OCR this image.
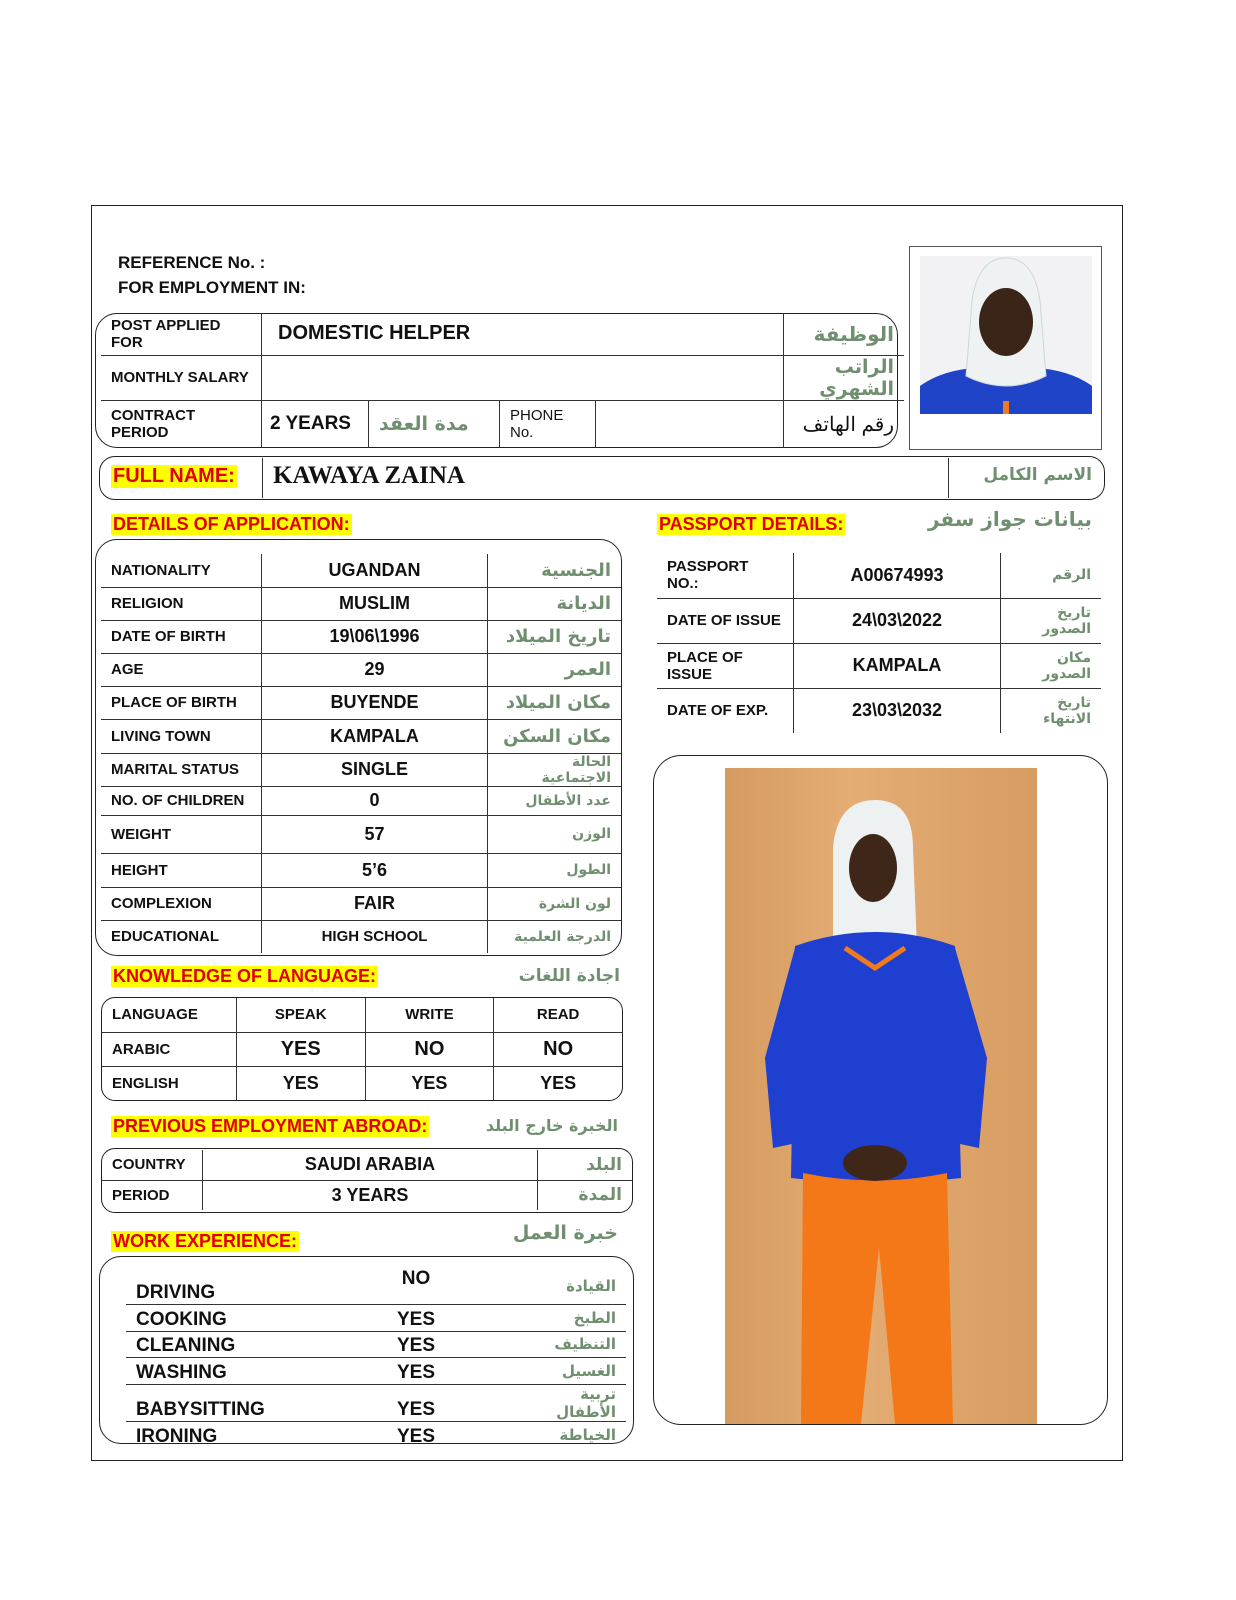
REFERENCE No. :
FOR EMPLOYMENT IN:
POST APPLIED FOR	DOMESTIC HELPER				الوظيفة
MONTHLY SALARY					الراتب الشهري
CONTRACT PERIOD	2 YEARS	مدة العقد	PHONE No.		رقم الهاتف
FULL NAME: KAWAYA ZAINA	الاسم الكامل
DETAILS OF APPLICATION:
NATIONALITY	UGANDAN	الجنسية
RELIGION	MUSLIM	الديانة
DATE OF BIRTH	19\06\1996	تاريخ الميلاد
AGE	29	العمر
PLACE OF BIRTH	BUYENDE	مكان الميلاد
LIVING TOWN	KAMPALA	مكان السكن
MARITAL STATUS	SINGLE	الحالة الاجتماعية
NO. OF CHILDREN	0	عدد الأطفال
WEIGHT	57	الوزن
HEIGHT	5’6	الطول
COMPLEXION	FAIR	لون الشرة
EDUCATIONAL	HIGH SCHOOL	الدرجة العلمية
PASSPORT DETAILS:	بيانات جواز سفر
PASSPORT NO.:	A00674993	الرقم
DATE OF ISSUE	24\03\2022	تاريخ الصدور
PLACE OF ISSUE	KAMPALA	مكان الصدور
DATE OF EXP.	23\03\2032	تاريخ الانتهاء
KNOWLEDGE OF LANGUAGE:	اجادة اللغات
LANGUAGE	SPEAK	WRITE	READ
ARABIC	YES	NO	NO
ENGLISH	YES	YES	YES
PREVIOUS EMPLOYMENT ABROAD:	الخبرة خارج البلد
COUNTRY	SAUDI ARABIA	البلد
PERIOD	3 YEARS	المدة
WORK EXPERIENCE:	خبرة العمل
DRIVING	NO	القيادة
COOKING	YES	الطبخ
CLEANING	YES	التنظيف
WASHING	YES	الغسيل
BABYSITTING	YES	تربية الأطفال
IRONING	YES	الخياطة
